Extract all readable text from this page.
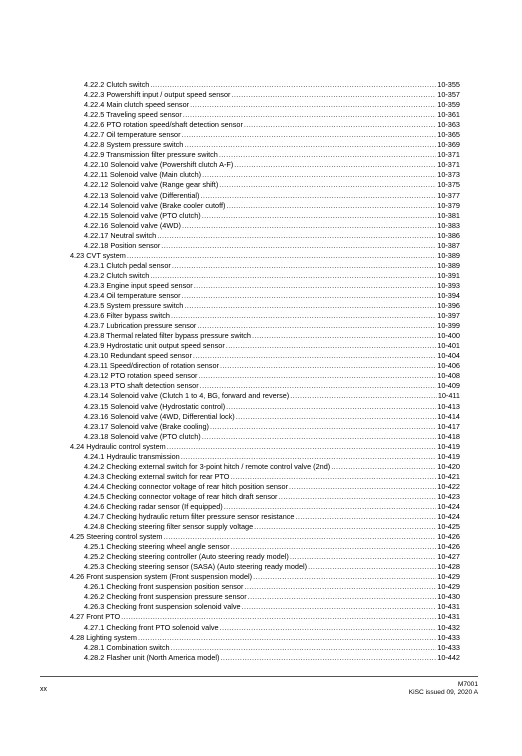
4.22.2 Clutch switch .....	10-355
4.22.3 Powershift input / output speed sensor .....	10-357
4.22.4 Main clutch speed sensor .....	10-359
4.22.5 Traveling speed sensor .....	10-361
4.22.6 PTO rotation speed/shaft detection sensor .....	10-363
4.22.7 Oil temperature sensor .....	10-365
4.22.8 System pressure switch .....	10-369
4.22.9 Transmission filter pressure switch .....	10-371
4.22.10 Solenoid valve (Powershift clutch A-F) .....	10-371
4.22.11 Solenoid valve (Main clutch) .....	10-373
4.22.12 Solenoid valve (Range gear shift) .....	10-375
4.22.13 Solenoid valve (Differential) .....	10-377
4.22.14 Solenoid valve (Brake cooler cutoff) .....	10-379
4.22.15 Solenoid valve (PTO clutch) .....	10-381
4.22.16 Solenoid valve (4WD) .....	10-383
4.22.17 Neutral switch .....	10-386
4.22.18 Position sensor .....	10-387
4.23 CVT system .....	10-389
4.23.1 Clutch pedal sensor .....	10-389
4.23.2 Clutch switch .....	10-391
4.23.3 Engine input speed sensor .....	10-393
4.23.4 Oil temperature sensor .....	10-394
4.23.5 System pressure switch .....	10-396
4.23.6 Filter bypass switch .....	10-397
4.23.7 Lubrication pressure sensor .....	10-399
4.23.8 Thermal related filter bypass pressure switch .....	10-400
4.23.9 Hydrostatic unit output speed sensor .....	10-401
4.23.10 Redundant speed sensor .....	10-404
4.23.11 Speed/direction of rotation sensor .....	10-406
4.23.12 PTO rotation speed sensor .....	10-408
4.23.13 PTO shaft detection sensor .....	10-409
4.23.14 Solenoid valve (Clutch 1 to 4, BG, forward and reverse) .....	10-411
4.23.15 Solenoid valve (Hydrostatic control) .....	10-413
4.23.16 Solenoid valve (4WD, Differential lock) .....	10-414
4.23.17 Solenoid valve (Brake cooling) .....	10-417
4.23.18 Solenoid valve (PTO clutch) .....	10-418
4.24 Hydraulic control system .....	10-419
4.24.1 Hydraulic transmission .....	10-419
4.24.2 Checking external switch for 3-point hitch / remote control valve (2nd) .....	10-420
4.24.3 Checking external switch for rear PTO .....	10-421
4.24.4 Checking connector voltage of rear hitch position sensor .....	10-422
4.24.5 Checking connector voltage of rear hitch draft sensor .....	10-423
4.24.6 Checking radar sensor (If equipped) .....	10-424
4.24.7 Checking hydraulic return filter pressure sensor resistance .....	10-424
4.24.8 Checking steering filter sensor supply voltage .....	10-425
4.25 Steering control system .....	10-426
4.25.1 Checking steering wheel angle sensor .....	10-426
4.25.2 Checking steering controller (Auto steering ready model) .....	10-427
4.25.3 Checking steering sensor (SASA) (Auto steering ready model) .....	10-428
4.26 Front suspension system (Front suspension model) .....	10-429
4.26.1 Checking front suspension position sensor .....	10-429
4.26.2 Checking front suspension pressure sensor .....	10-430
4.26.3 Checking front suspension solenoid valve .....	10-431
4.27 Front PTO .....	10-431
4.27.1 Checking front PTO solenoid valve .....	10-432
4.28 Lighting system .....	10-433
4.28.1 Combination switch .....	10-433
4.28.2 Flasher unit (North America model) .....	10-442
xx
M7001
KiSC issued 09, 2020 A
